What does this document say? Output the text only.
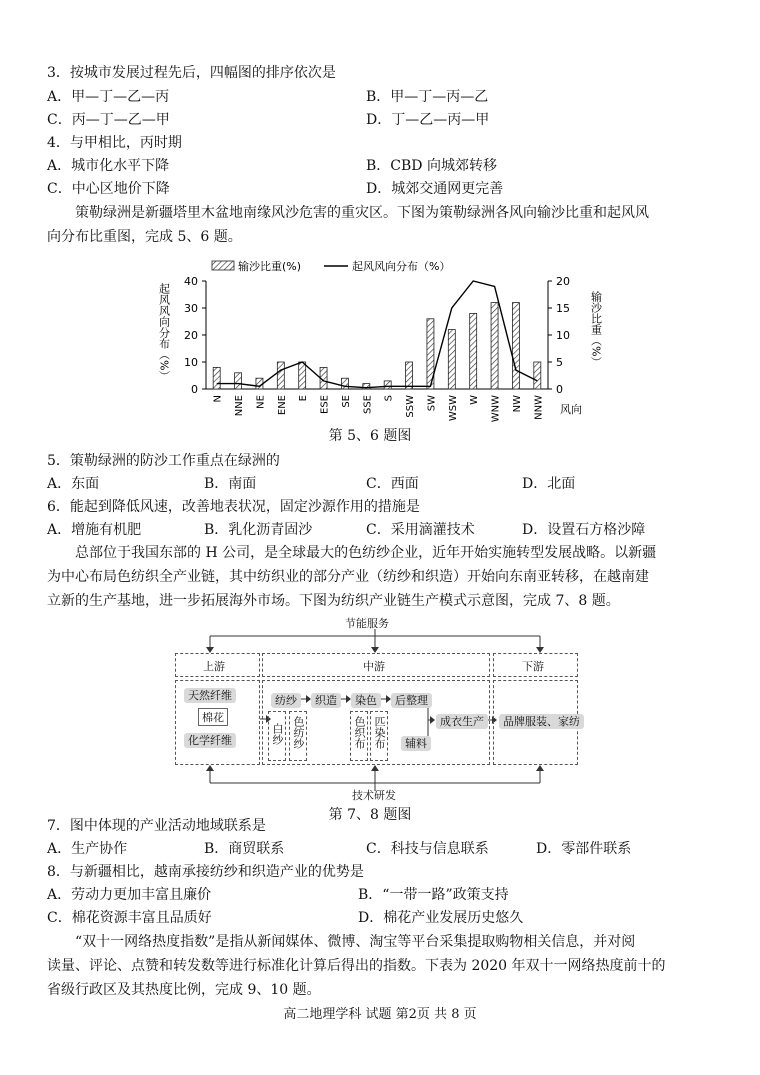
3．按城市发展过程先后，四幅图的排序依次是
A．甲—丁—乙—丙	B．甲—丁—丙—乙
C．丙—丁—乙—甲	D．丁—乙—丙—甲
4．与甲相比，丙时期
A．城市化水平下降	B．CBD 向城郊转移
C．中心区地价下降	D．城郊交通网更完善
策勒绿洲是新疆塔里木盆地南缘风沙危害的重灾区。下图为策勒绿洲各风向输沙比重和起风风
向分布比重图，完成 5、6 题。
0
10
20
30
40
0
5
10
15
20
起风风向分布（%）	输沙比重（%）
风向
N NNE NE ENE E ESE SE SSE S SSW SW WSW W WNW NW NNW
输沙比重(%)	起风风向分布（%）
第 5、6 题图
5．策勒绿洲的防沙工作重点在绿洲的
A．东面	B．南面	C．西面	D．北面
6．能起到降低风速，改善地表状况，固定沙源作用的措施是
A．增施有机肥	B．乳化沥青固沙	C．采用滴灌技术	D．设置石方格沙障
总部位于我国东部的 H 公司，是全球最大的色纺纱企业，近年开始实施转型发展战略。以新疆
为中心布局色纺织全产业链，其中纺织业的部分产业（纺纱和织造）开始向东南亚转移，在越南建
立新的生产基地，进一步拓展海外市场。下图为纺织产业链生产模式示意图，完成 7、8 题。
节能服务
上游	中游	下游
天然纤维
棉花
化学纤维
纺纱	织造	染色	后整理
白纱 色纺纱	色织布 匹染布	辅料
成衣生产	品牌服装、家纺
技术研发
第 7、8 题图
7．图中体现的产业活动地域联系是
A．生产协作	B．商贸联系	C．科技与信息联系	D．零部件联系
8．与新疆相比，越南承接纺纱和织造产业的优势是
A．劳动力更加丰富且廉价	B．“一带一路”政策支持
C．棉花资源丰富且品质好	D．棉花产业发展历史悠久
“双十一网络热度指数”是指从新闻媒体、微博、淘宝等平台采集提取购物相关信息，并对阅
读量、评论、点赞和转发数等进行标准化计算后得出的指数。下表为 2020 年双十一网络热度前十的
省级行政区及其热度比例，完成 9、10 题。
高二地理学科 试题 第2页 共 8 页
